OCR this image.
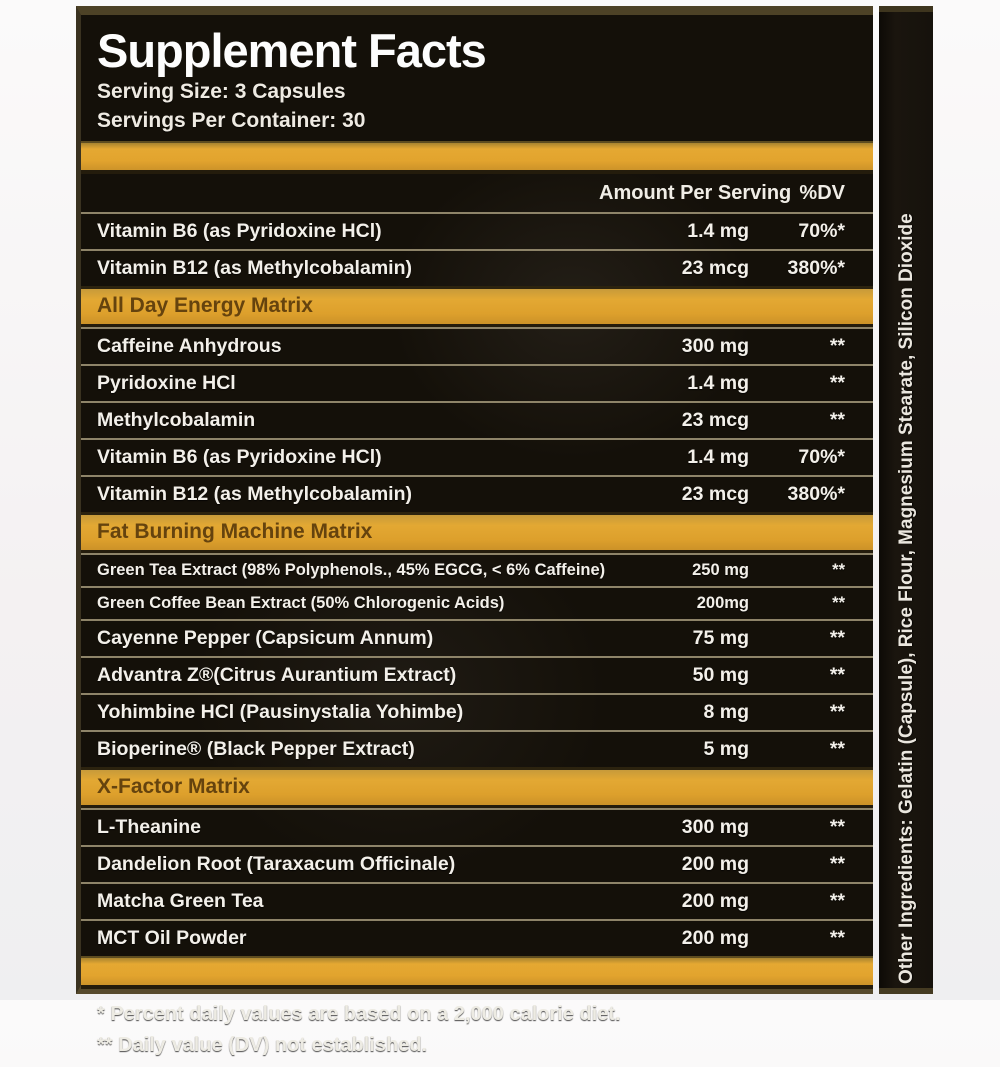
Supplement Facts
Serving Size: 3 Capsules
Servings Per Container: 30
Amount Per Serving %DV
Vitamin B6 (as Pyridoxine HCl)	1.4 mg	70%*
Vitamin B12 (as Methylcobalamin)	23 mcg	380%*
All Day Energy Matrix
Caffeine Anhydrous	300 mg	**
Pyridoxine HCl	1.4 mg	**
Methylcobalamin	23 mcg	**
Vitamin B6 (as Pyridoxine HCl)	1.4 mg	70%*
Vitamin B12 (as Methylcobalamin)	23 mcg	380%*
Fat Burning Machine Matrix
Green Tea Extract (98% Polyphenols., 45% EGCG, < 6% Caffeine)	250 mg	**
Green Coffee Bean Extract (50% Chlorogenic Acids)	200mg	**
Cayenne Pepper (Capsicum Annum)	75 mg	**
Advantra Z®(Citrus Aurantium Extract)	50 mg	**
Yohimbine HCl (Pausinystalia Yohimbe)	8 mg	**
Bioperine® (Black Pepper Extract)	5 mg	**
X-Factor Matrix
L-Theanine	300 mg	**
Dandelion Root (Taraxacum Officinale)	200 mg	**
Matcha Green Tea	200 mg	**
MCT Oil Powder	200 mg	**
* Percent daily values are based on a 2,000 calorie diet.
** Daily value (DV) not established.
Other Ingredients: Gelatin (Capsule), Rice Flour, Magnesium Stearate, Silicon Dioxide
